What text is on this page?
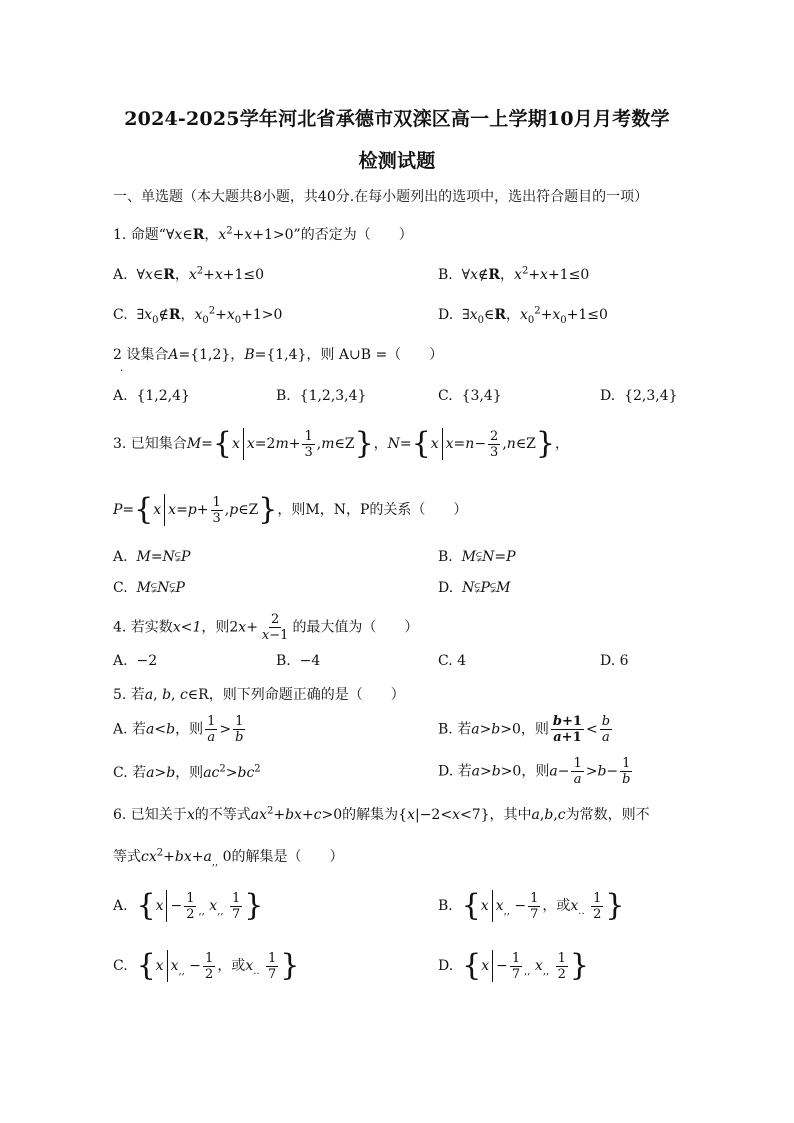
2024-2025学年河北省承德市双滦区高一上学期10月月考数学
检测试题
一、单选题（本大题共8小题，共40分.在每小题列出的选项中，选出符合题目的一项）
1. 命题“∀x∈R，$x^2+x+1>0$”的否定为（　　）
A.  ∀x∈R，$x^2+x+1\le 0$	B.  ∀x∉R，$x^2+x+1\le 0$
C.  $\exists x_0\notin R$，$x_0^2+x_0+1>0$	D.  $\exists x_0\in R$，$x_0^2+x_0+1\le 0$
2 设集合A={1,2}，B={1,4}，则 A∪B =（　　）
·
A. {1,2,4}	B. {1,2,3,4}	C. {3,4}	D. {2,3,4}
3. 已知集合M={x $x=2m+ \frac{1}{3}$ ,m∈Z}，N={x $x=n- \frac{2}{3}$ ,n∈Z}，
P={x $x=p+ \frac{1}{3}$ ,p∈Z}，则M，N，P的关系（　　）
A. M=N⫋P	B. M⫋N=P
C. M⫋N⫋P	D. N⫋P⫋M
4. 若实数x<1，则$2x+ \frac{2}{x-1}$ 的最大值为（　　）
A. −2	B. −4	C. 4	D. 6
5. 若a, b, c∈R，则下列命题正确的是（　　）
A. 若a<b，则 $\frac{1}{a} > \frac{1}{b}$	B. 若a>b>0，则 $\frac{b+1}{a+1} < \frac{b}{a}$
C. 若a>b，则$ac^2>bc^2$	D. 若a>b>0，则$a- \frac{1}{a} >b- \frac{1}{b}$
6. 已知关于x的不等式$ax^2+bx+c>0$的解集为{x|−2<x<7}，其中a,b,c为常数，则不
等式$cx^2+bx+a_{,,}$ 0的解集是（　　）
A. {$x - \frac{1}{2} _{,,}$ $x_{,,} \frac{1}{7}$ }	B. {x $x_{,,} - \frac{1}{7}$ ，或$x_{..} \frac{1}{2}$ }
C. {x $x_{,,} - \frac{1}{2}$ ，或$x_{..} \frac{1}{7}$ }	D. {$x - \frac{1}{7} _{,,}$ $x_{,,} \frac{1}{2}$ }
